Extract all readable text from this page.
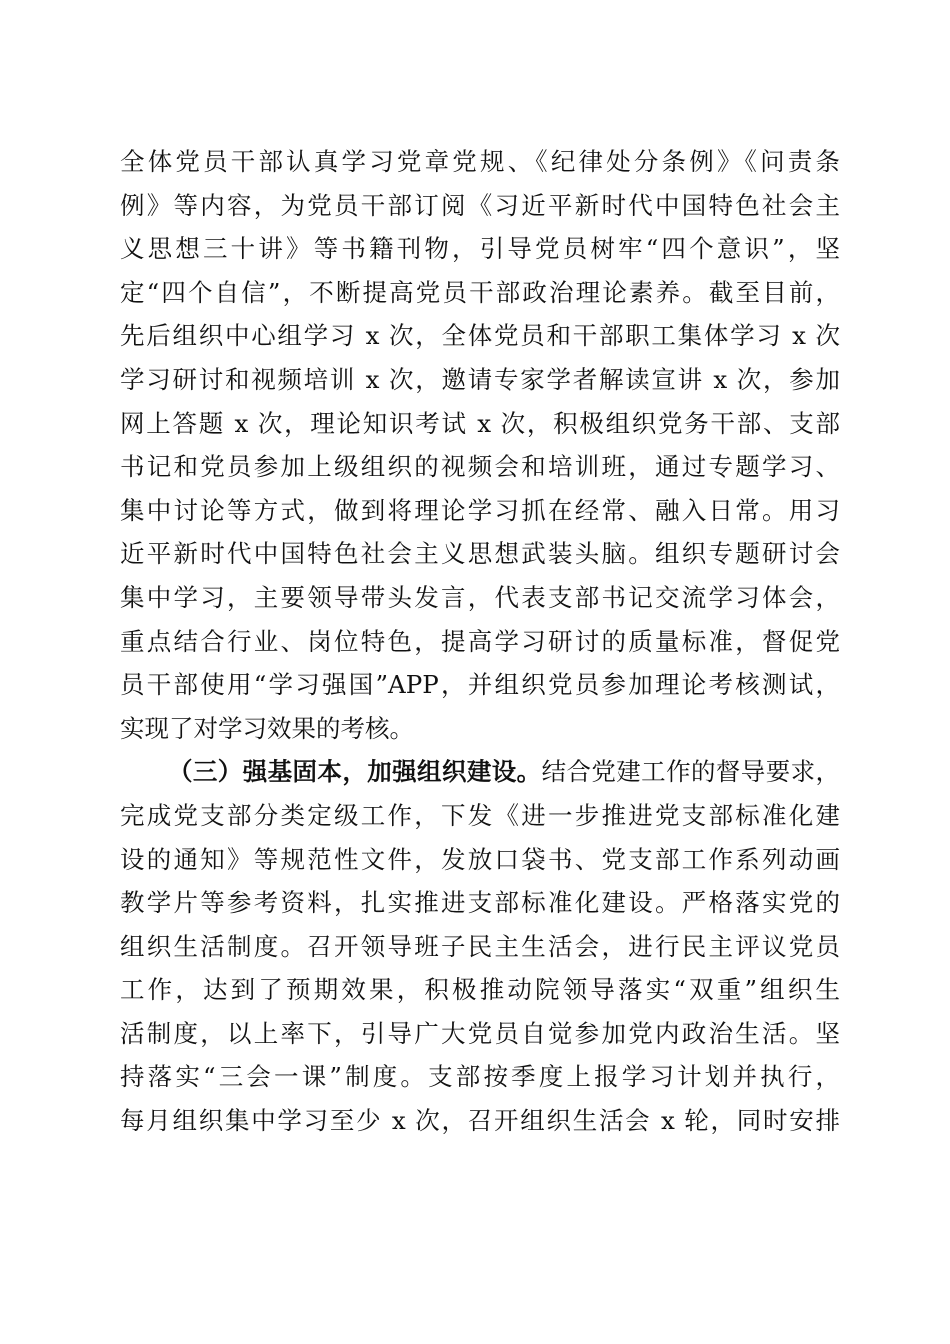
全体党员干部认真学习党章党规、《纪律处分条例》《问责条
例》等内容，为党员干部订阅《习近平新时代中国特色社会主
义思想三十讲》等书籍刊物，引导党员树牢“四个意识”，坚
定“四个自信”，不断提高党员干部政治理论素养。截至目前，
先后组织中心组学习 x 次，全体党员和干部职工集体学习 x 次
学习研讨和视频培训 x 次，邀请专家学者解读宣讲 x 次，参加
网上答题 x 次，理论知识考试 x 次，积极组织党务干部、支部
书记和党员参加上级组织的视频会和培训班，通过专题学习、
集中讨论等方式，做到将理论学习抓在经常、融入日常。用习
近平新时代中国特色社会主义思想武装头脑。组织专题研讨会
集中学习，主要领导带头发言，代表支部书记交流学习体会，
重点结合行业、岗位特色，提高学习研讨的质量标准，督促党
员干部使用“学习强国”APP，并组织党员参加理论考核测试，
实现了对学习效果的考核。
（三）强基固本，加强组织建设。结合党建工作的督导要求，
完成党支部分类定级工作，下发《进一步推进党支部标准化建
设的通知》等规范性文件，发放口袋书、党支部工作系列动画
教学片等参考资料，扎实推进支部标准化建设。严格落实党的
组织生活制度。召开领导班子民主生活会，进行民主评议党员
工作，达到了预期效果，积极推动院领导落实“双重”组织生
活制度，以上率下，引导广大党员自觉参加党内政治生活。坚
持落实“三会一课”制度。支部按季度上报学习计划并执行，
每月组织集中学习至少 x 次，召开组织生活会 x 轮，同时安排
